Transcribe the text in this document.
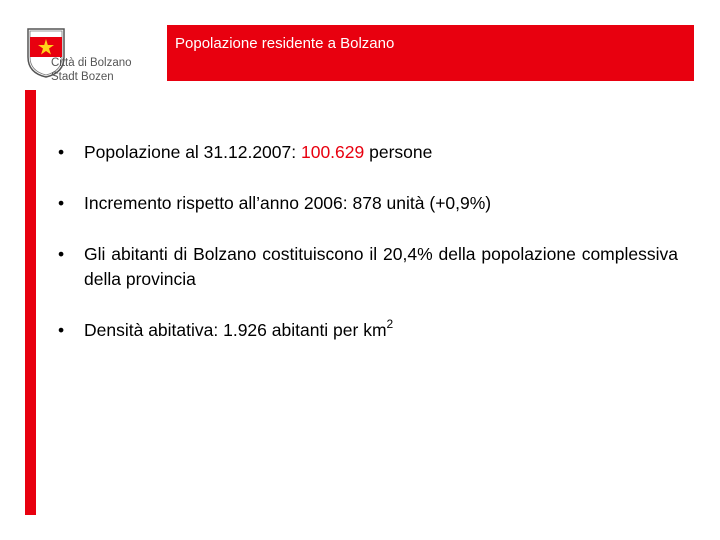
Città di Bolzano
Stadt Bozen
Popolazione residente a Bolzano
• Popolazione al 31.12.2007: 100.629 persone
• Incremento rispetto all’anno 2006: 878 unità (+0,9%)
• Gli abitanti di Bolzano costituiscono il 20,4% della popolazione complessiva della provincia
• Densità abitativa: 1.926 abitanti per $km^2$
